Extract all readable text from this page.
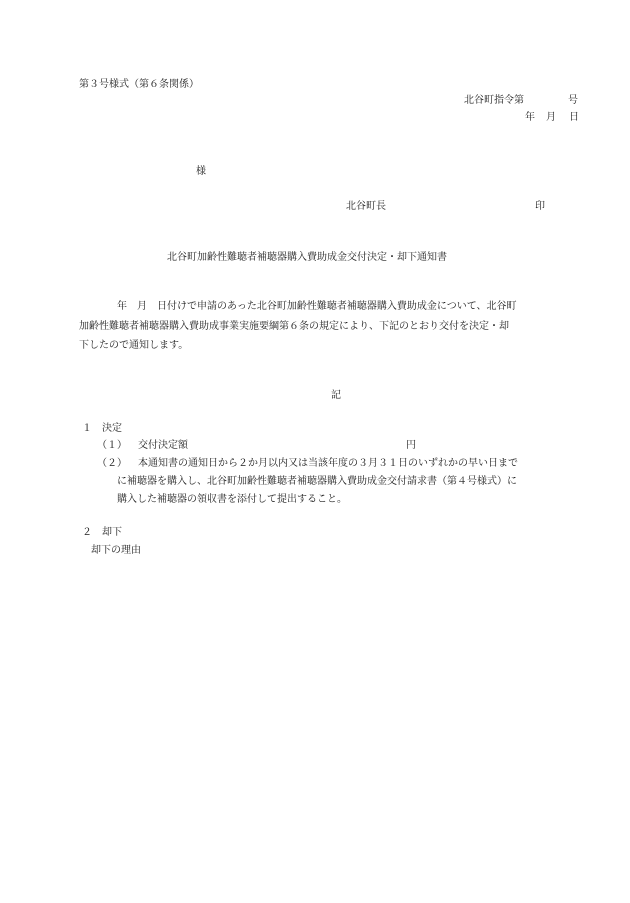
第３号様式（第６条関係）

北谷町指令第	号

年 月 日

様

北谷町長	印

北谷町加齢性難聴者補聴器購入費助成金交付決定・却下通知書

年　月　日付けで申請のあった北谷町加齢性難聴者補聴器購入費助成金について、北谷町

加齢性難聴者補聴器購入費助成事業実施要綱第６条の規定により、下記のとおり交付を決定・却

下したので通知します。

記

１ 決定
（１） 交付決定額	円
（２） 本通知書の通知日から２か月以内又は当該年度の３月３１日のいずれかの早い日まで
に補聴器を購入し、北谷町加齢性難聴者補聴器購入費助成金交付請求書（第４号様式）に
購入した補聴器の領収書を添付して提出すること。
２ 却下
却下の理由
